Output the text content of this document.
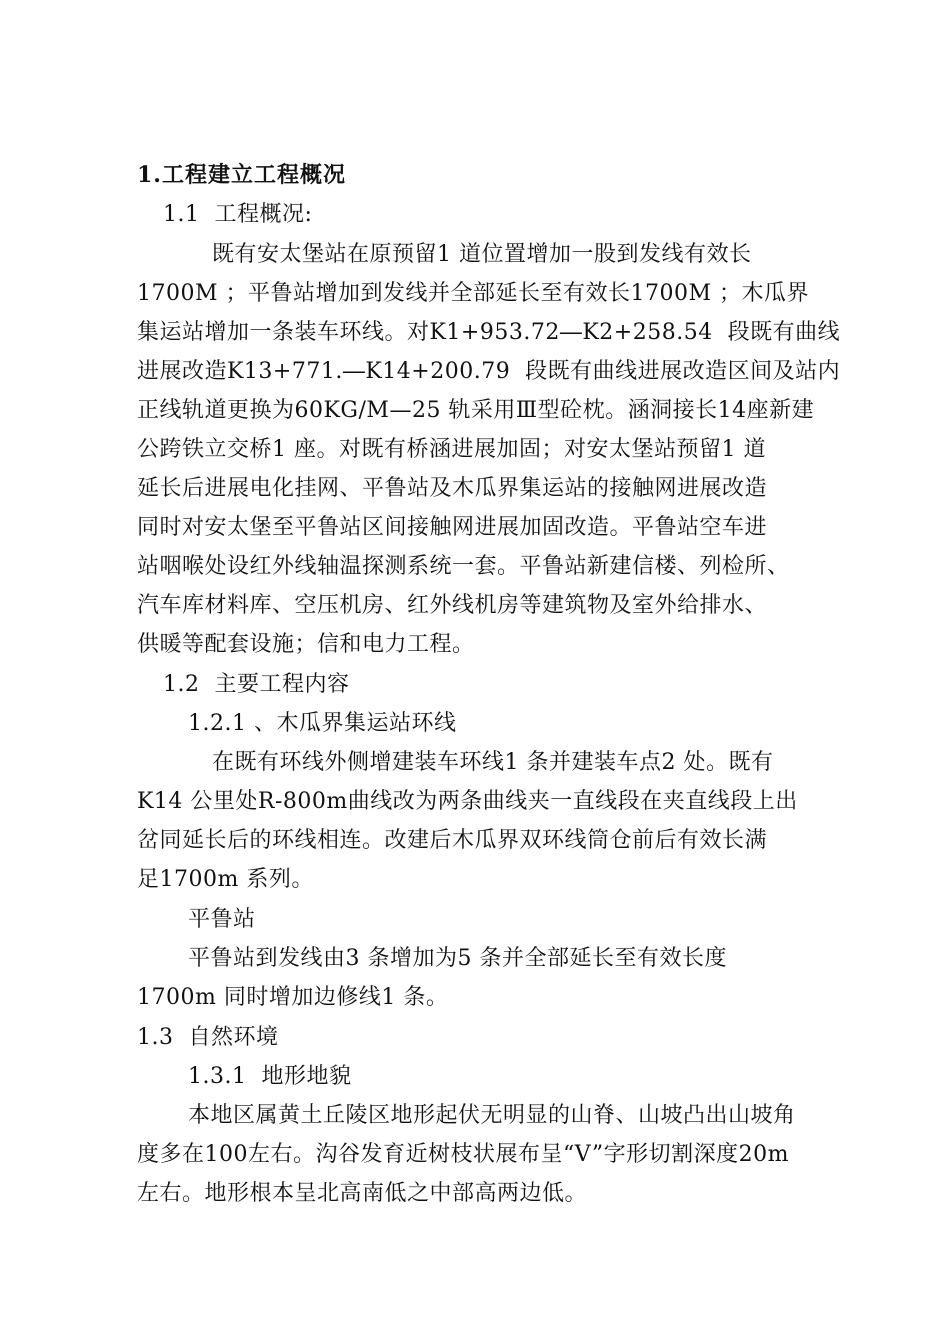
1.工程建立工程概况
1.1  工程概况:
既有安太堡站在原预留1 道位置增加一股到发线有效长
1700M ；平鲁站增加到发线并全部延长至有效长1700M ；木瓜界
集运站增加一条装车环线。对K1+953.72―K2+258.54  段既有曲线
进展改造K13+771.―K14+200.79  段既有曲线进展改造区间及站内
正线轨道更换为60KG/M—25 轨采用Ⅲ型砼枕。涵洞接长14座新建
公跨铁立交桥1 座。对既有桥涵进展加固；对安太堡站预留1 道
延长后进展电化挂网、平鲁站及木瓜界集运站的接触网进展改造
同时对安太堡至平鲁站区间接触网进展加固改造。平鲁站空车进
站咽喉处设红外线轴温探测系统一套。平鲁站新建信楼、列检所、
汽车库材料库、空压机房、红外线机房等建筑物及室外给排水、
供暖等配套设施；信和电力工程。
1.2  主要工程内容
1.2.1 、木瓜界集运站环线
在既有环线外侧增建装车环线1 条并建装车点2 处。既有
K14 公里处R-800m曲线改为两条曲线夹一直线段在夹直线段上出
岔同延长后的环线相连。改建后木瓜界双环线筒仓前后有效长满
足1700m 系列。
平鲁站
平鲁站到发线由3 条增加为5 条并全部延长至有效长度
1700m 同时增加边修线1 条。
1.3  自然环境
1.3.1  地形地貌
本地区属黄土丘陵区地形起伏无明显的山脊、山坡凸出山坡角
度多在100左右。沟谷发育近树枝状展布呈“V”字形切割深度20m
左右。地形根本呈北高南低之中部高两边低。
